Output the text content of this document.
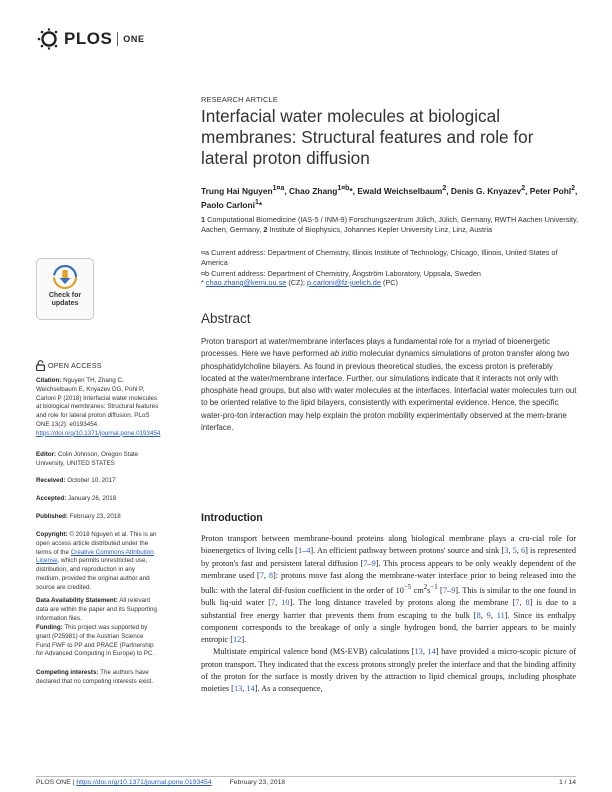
PLOS ONE
RESEARCH ARTICLE
Interfacial water molecules at biological membranes: Structural features and role for lateral proton diffusion
Trung Hai Nguyen$^{1¤a}$, Chao Zhang$^{1¤b}$*, Ewald Weichselbaum$^2$, Denis G. Knyazev$^2$, Peter Pohl$^2$, Paolo Carloni$^1$*
1 Computational Biomedicine (IAS-5 / INM-9) Forschungszentrum Jülich, Jülich, Germany, RWTH Aachen University, Aachen, Germany, 2 Institute of Biophysics, Johannes Kepler University Linz, Linz, Austria
¤a Current address: Department of Chemistry, Illinois Institute of Technology, Chicago, Illinois, United States of America
¤b Current address: Department of Chemistry, Ångström Laboratory, Uppsala, Sweden
* chao.zhang@kemi.uu.se (CZ); p.carloni@fz-juelich.de (PC)
Check for
updates
OPEN ACCESS
Citation: Nguyen TH, Zhang C, Weichselbaum E, Knyazev DG, Pohl P, Carloni P (2018) Interfacial water molecules at biological membranes: Structural features and role for lateral proton diffusion. PLoS ONE 13(2): e0193454. https://doi.org/10.1371/journal.pone.0193454
Editor: Colin Johnson, Oregon State University, UNITED STATES
Received: October 10, 2017
Accepted: January 26, 2018
Published: February 23, 2018
Copyright: © 2018 Nguyen et al. This is an open access article distributed under the terms of the Creative Commons Attribution License, which permits unrestricted use, distribution, and reproduction in any medium, provided the original author and source are credited.
Data Availability Statement: All relevant data are within the paper and its Supporting Information files.
Funding: This project was supported by grant (P25981) of the Austrian Science Fund FWF to PP and PRACE (Partnership for Advanced Computing in Europe) to PC.
Competing interests: The authors have declared that no competing interests exist.
Abstract
Proton transport at water/membrane interfaces plays a fundamental role for a myriad of bioenergetic processes. Here we have performed ab initio molecular dynamics simulations of proton transfer along two phosphatidylcholine bilayers. As found in previous theoretical studies, the excess proton is preferably located at the water/membrane interface. Further, our simulations indicate that it interacts not only with phosphate head groups, but also with water molecules at the interfaces. Interfacial water molecules turn out to be oriented relative to the lipid bilayers, consistently with experimental evidence. Hence, the specific water-pro-ton interaction may help explain the proton mobility experimentally observed at the mem-brane interface.
Introduction

Proton transport between membrane-bound proteins along biological membrane plays a cru-cial role for bioenergetics of living cells [1–4]. An efficient pathway between protons' source and sink [3, 5, 6] is represented by proton's fast and persistent lateral diffusion [7–9]. This process appears to be only weakly dependent of the membrane used [7, 8]: protons move fast along the membrane-water interface prior to being released into the bulk: with the lateral dif-fusion coefficient in the order of $10^{-5}$ $cm^2s^{-1}$ [7–9]. This is similar to the one found in bulk liq-uid water [7, 10]. The long distance traveled by protons along the membrane [7, 8] is due to a substantial free energy barrier that prevents them from escaping to the bulk [8, 9, 11]. Since its enthalpy component corresponds to the breakage of only a single hydrogen bond, the barrier appears to be mainly entropic [12].

Multistate empirical valence bond (MS-EVB) calculations [13, 14] have provided a micro-scopic picture of proton transport. They indicated that the excess protons strongly prefer the interface and that the binding affinity of the proton for the surface is mostly driven by the attraction to lipid chemical groups, including phosphate moieties [13, 14]. As a consequence,

PLOS ONE | https://doi.org/10.1371/journal.pone.0193454	February 23, 2018	1 / 14
